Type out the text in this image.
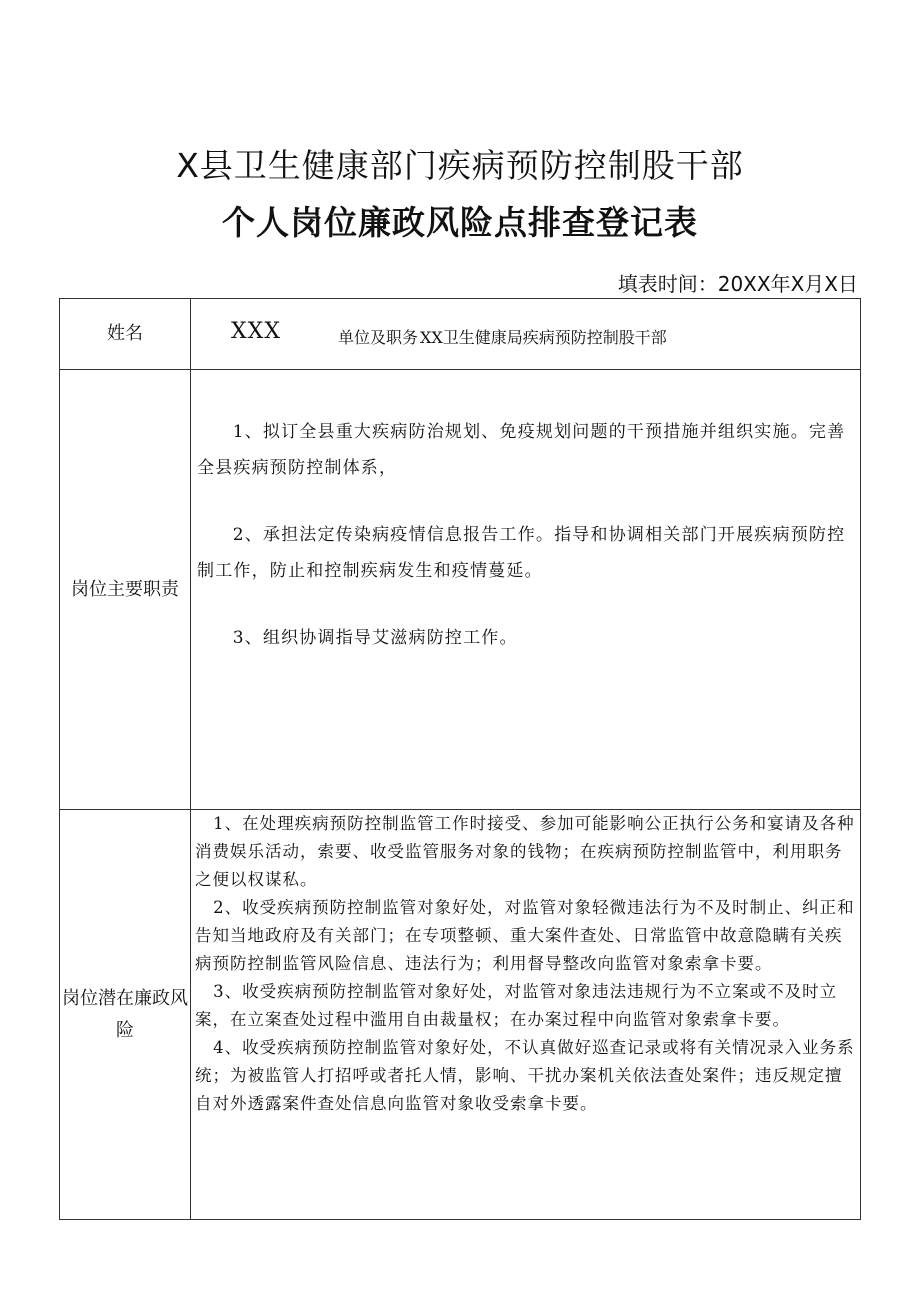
X县卫生健康部门疾病预防控制股干部
个人岗位廉政风险点排查登记表
填表时间：20XX年X月X日
姓名	XXX 单位及职务 XX卫生健康局疾病预防控制股干部

岗位主要职责	1、拟订全县重大疾病防治规划、免疫规划问题的干预措施并组织实施。完善全县疾病预防控制体系，

2、承担法定传染病疫情信息报告工作。指导和协调相关部门开展疾病预防控制工作，防止和控制疾病发生和疫情蔓延。

3、组织协调指导艾滋病防控工作。

岗位潜在廉政风险	1、在处理疾病预防控制监管工作时接受、参加可能影响公正执行公务和宴请及各种消费娱乐活动，索要、收受监管服务对象的钱物；在疾病预防控制监管中，利用职务之便以权谋私。

2、收受疾病预防控制监管对象好处，对监管对象轻微违法行为不及时制止、纠正和告知当地政府及有关部门；在专项整顿、重大案件查处、日常监管中故意隐瞒有关疾病预防控制监管风险信息、违法行为；利用督导整改向监管对象索拿卡要。

3、收受疾病预防控制监管对象好处，对监管对象违法违规行为不立案或不及时立案，在立案查处过程中滥用自由裁量权；在办案过程中向监管对象索拿卡要。

4、收受疾病预防控制监管对象好处，不认真做好巡查记录或将有关情况录入业务系统；为被监管人打招呼或者托人情，影响、干扰办案机关依法查处案件；违反规定擅自对外透露案件查处信息向监管对象收受索拿卡要。
